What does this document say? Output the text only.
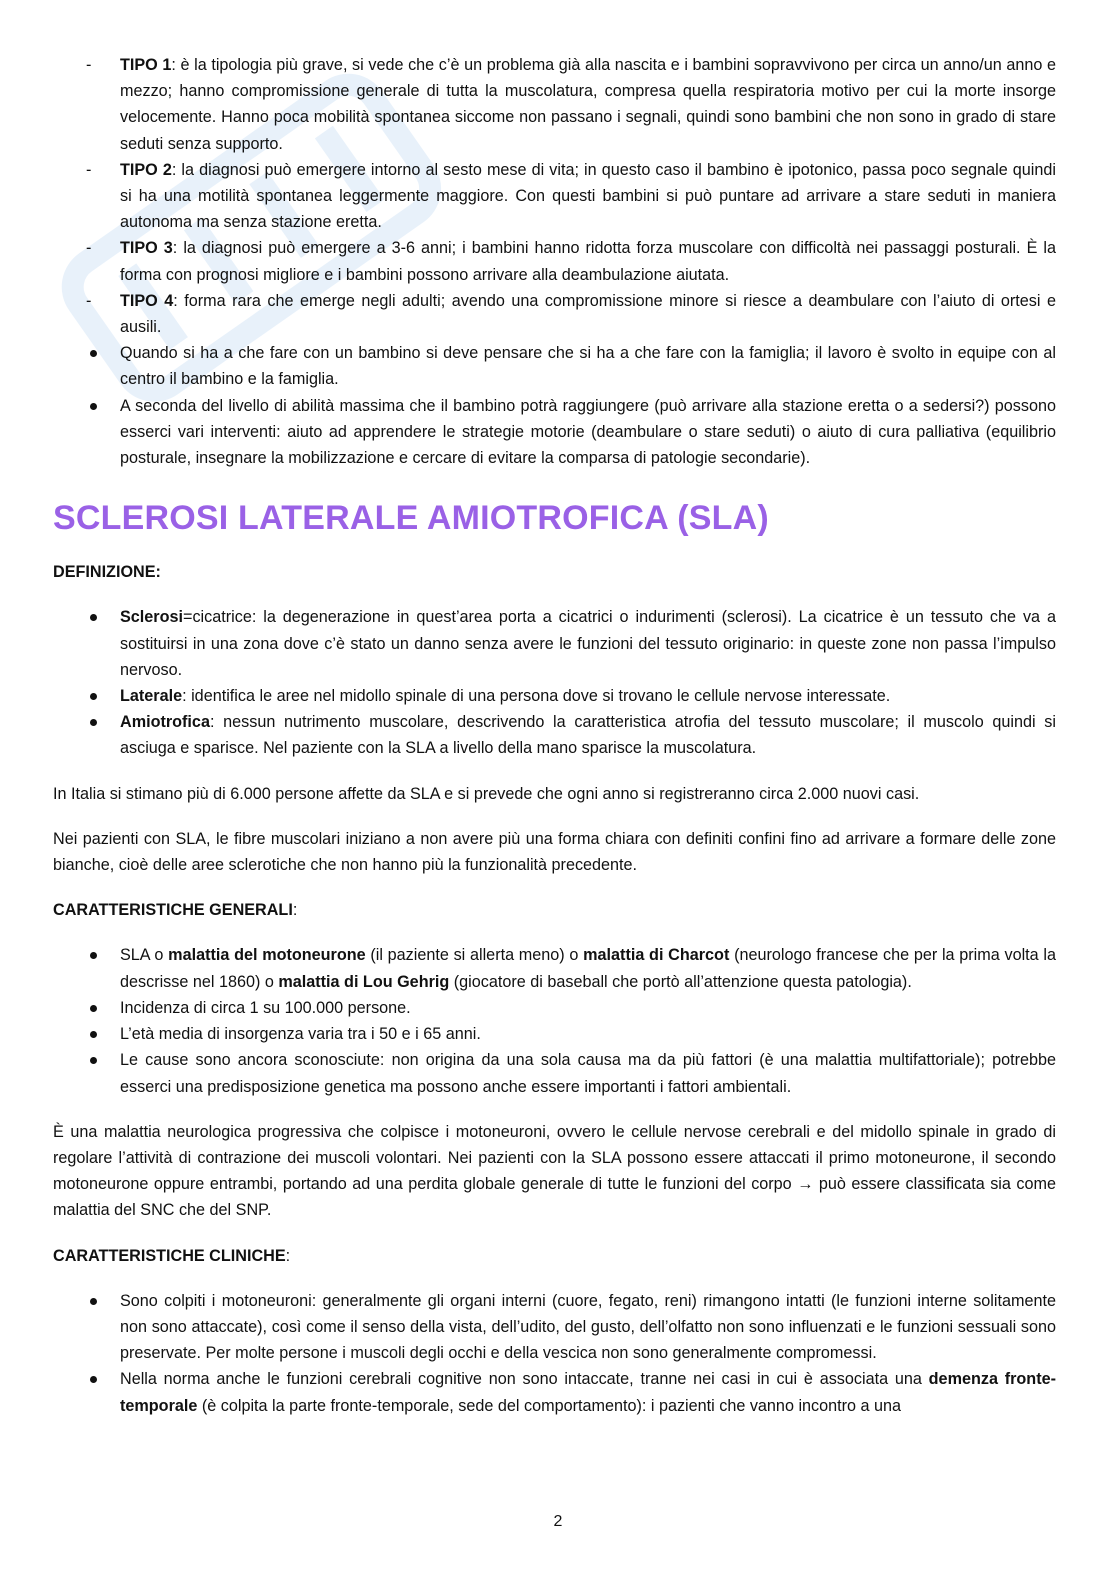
-
TIPO 1: è la tipologia più grave, si vede che c’è un problema già alla nascita e i bambini sopravvivono per circa un anno/un anno e mezzo; hanno compromissione generale di tutta la muscolatura, compresa quella respiratoria motivo per cui la morte insorge velocemente. Hanno poca mobilità spontanea siccome non passano i segnali, quindi sono bambini che non sono in grado di stare seduti senza supporto.
-
TIPO 2: la diagnosi può emergere intorno al sesto mese di vita; in questo caso il bambino è ipotonico, passa poco segnale quindi si ha una motilità spontanea leggermente maggiore. Con questi bambini si può puntare ad arrivare a stare seduti in maniera autonoma ma senza stazione eretta.
-
TIPO 3: la diagnosi può emergere a 3-6 anni; i bambini hanno ridotta forza muscolare con difficoltà nei passaggi posturali. È la forma con prognosi migliore e i bambini possono arrivare alla deambulazione aiutata.
-
TIPO 4: forma rara che emerge negli adulti; avendo una compromissione minore si riesce a deambulare con l’aiuto di ortesi e ausili.
Quando si ha a che fare con un bambino si deve pensare che si ha a che fare con la famiglia; il lavoro è svolto in equipe con al centro il bambino e la famiglia.
A seconda del livello di abilità massima che il bambino potrà raggiungere (può arrivare alla stazione eretta o a sedersi?) possono esserci vari interventi: aiuto ad apprendere le strategie motorie (deambulare o stare seduti) o aiuto di cura palliativa (equilibrio posturale, insegnare la mobilizzazione e cercare di evitare la comparsa di patologie secondarie).
SCLEROSI LATERALE AMIOTROFICA (SLA)

DEFINIZIONE:

Sclerosi=cicatrice: la degenerazione in quest’area porta a cicatrici o indurimenti (sclerosi). La cicatrice è un tessuto che va a sostituirsi in una zona dove c’è stato un danno senza avere le funzioni del tessuto originario: in queste zone non passa l’impulso nervoso.
Laterale: identifica le aree nel midollo spinale di una persona dove si trovano le cellule nervose interessate.
Amiotrofica: nessun nutrimento muscolare, descrivendo la caratteristica atrofia del tessuto muscolare; il muscolo quindi si asciuga e sparisce. Nel paziente con la SLA a livello della mano sparisce la muscolatura.

In Italia si stimano più di 6.000 persone affette da SLA e si prevede che ogni anno si registreranno circa 2.000 nuovi casi.

Nei pazienti con SLA, le fibre muscolari iniziano a non avere più una forma chiara con definiti confini fino ad arrivare a formare delle zone bianche, cioè delle aree sclerotiche che non hanno più la funzionalità precedente.

CARATTERISTICHE GENERALI:

SLA o malattia del motoneurone (il paziente si allerta meno) o malattia di Charcot (neurologo francese che per la prima volta la descrisse nel 1860) o malattia di Lou Gehrig (giocatore di baseball che portò all’attenzione questa patologia).
Incidenza di circa 1 su 100.000 persone.
L’età media di insorgenza varia tra i 50 e i 65 anni.
Le cause sono ancora sconosciute: non origina da una sola causa ma da più fattori (è una malattia multifattoriale); potrebbe esserci una predisposizione genetica ma possono anche essere importanti i fattori ambientali.

È una malattia neurologica progressiva che colpisce i motoneuroni, ovvero le cellule nervose cerebrali e del midollo spinale in grado di regolare l’attività di contrazione dei muscoli volontari. Nei pazienti con la SLA possono essere attaccati il primo motoneurone, il secondo motoneurone oppure entrambi, portando ad una perdita globale generale di tutte le funzioni del corpo → può essere classificata sia come malattia del SNC che del SNP.

CARATTERISTICHE CLINICHE:

Sono colpiti i motoneuroni: generalmente gli organi interni (cuore, fegato, reni) rimangono intatti (le funzioni interne solitamente non sono attaccate), così come il senso della vista, dell’udito, del gusto, dell’olfatto non sono influenzati e le funzioni sessuali sono preservate. Per molte persone i muscoli degli occhi e della vescica non sono generalmente compromessi.
Nella norma anche le funzioni cerebrali cognitive non sono intaccate, tranne nei casi in cui è associata una demenza fronte-temporale (è colpita la parte fronte-temporale, sede del comportamento): i pazienti che vanno incontro a una
2
